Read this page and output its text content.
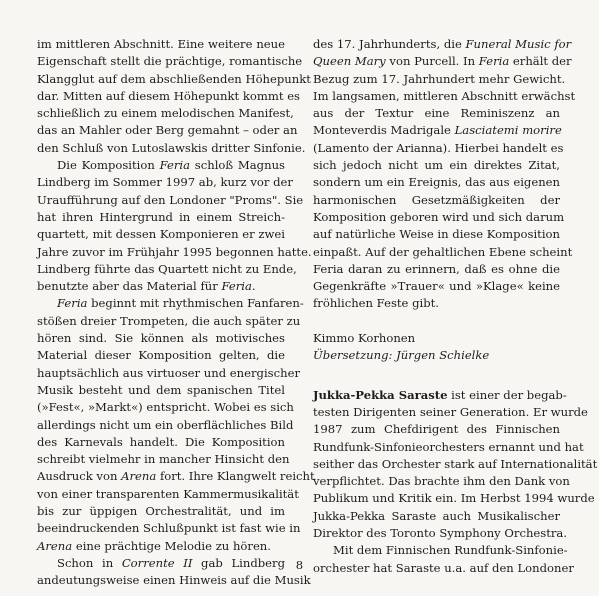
im mittleren Abschnitt. Eine weitere neue
Eigenschaft stellt die prächtige, romantische
Klangglut auf dem abschließenden Höhepunkt
dar. Mitten auf diesem Höhepunkt kommt es
schließlich zu einem melodischen Manifest,
das an Mahler oder Berg gemahnt – oder an
den Schluß von Lutoslawskis dritter Sinfonie.
Die Komposition Feria schloß Magnus
Lindberg im Sommer 1997 ab, kurz vor der
Uraufführung auf den Londoner "Proms". Sie
hat ihren Hintergrund in einem Streich-
quartett, mit dessen Komponieren er zwei
Jahre zuvor im Frühjahr 1995 begonnen hatte.
Lindberg führte das Quartett nicht zu Ende,
benutzte aber das Material für Feria.
Feria beginnt mit rhythmischen Fanfaren-
stößen dreier Trompeten, die auch später zu
hören sind. Sie können als motivisches
Material dieser Komposition gelten, die
hauptsächlich aus virtuoser und energischer
Musik besteht und dem spanischen Titel
(»Fest«, »Markt«) entspricht. Wobei es sich
allerdings nicht um ein oberflächliches Bild
des Karnevals handelt. Die Komposition
schreibt vielmehr in mancher Hinsicht den
Ausdruck von Arena fort. Ihre Klangwelt reicht
von einer transparenten Kammermusikalität
bis zur üppigen Orchestralität, und im
beeindruckenden Schlußpunkt ist fast wie in
Arena eine prächtige Melodie zu hören.
Schon in Corrente II gab Lindberg
andeutungsweise einen Hinweis auf die Musik
des 17. Jahrhunderts, die Funeral Music for
Queen Mary von Purcell. In Feria erhält der
Bezug zum 17. Jahrhundert mehr Gewicht.
Im langsamen, mittleren Abschnitt erwächst
aus der Textur eine Reminiszenz an
Monteverdis Madrigale Lasciatemi morire
(Lamento der Arianna). Hierbei handelt es
sich jedoch nicht um ein direktes Zitat,
sondern um ein Ereignis, das aus eigenen
harmonischen Gesetzmäßigkeiten der
Komposition geboren wird und sich darum
auf natürliche Weise in diese Komposition
einpaßt. Auf der gehaltlichen Ebene scheint
Feria daran zu erinnern, daß es ohne die
Gegenkräfte »Trauer« und »Klage« keine
fröhlichen Feste gibt.
Kimmo Korhonen
Übersetzung: Jürgen Schielke
Jukka-Pekka Saraste ist einer der begab-
testen Dirigenten seiner Generation. Er wurde
1987 zum Chefdirigent des Finnischen
Rundfunk-Sinfonieorchesters ernannt und hat
seither das Orchester stark auf Internationalität
verpflichtet. Das brachte ihm den Dank von
Publikum und Kritik ein. Im Herbst 1994 wurde
Jukka-Pekka Saraste auch Musikalischer
Direktor des Toronto Symphony Orchestra.
Mit dem Finnischen Rundfunk-Sinfonie-
orchester hat Saraste u.a. auf den Londoner
8
